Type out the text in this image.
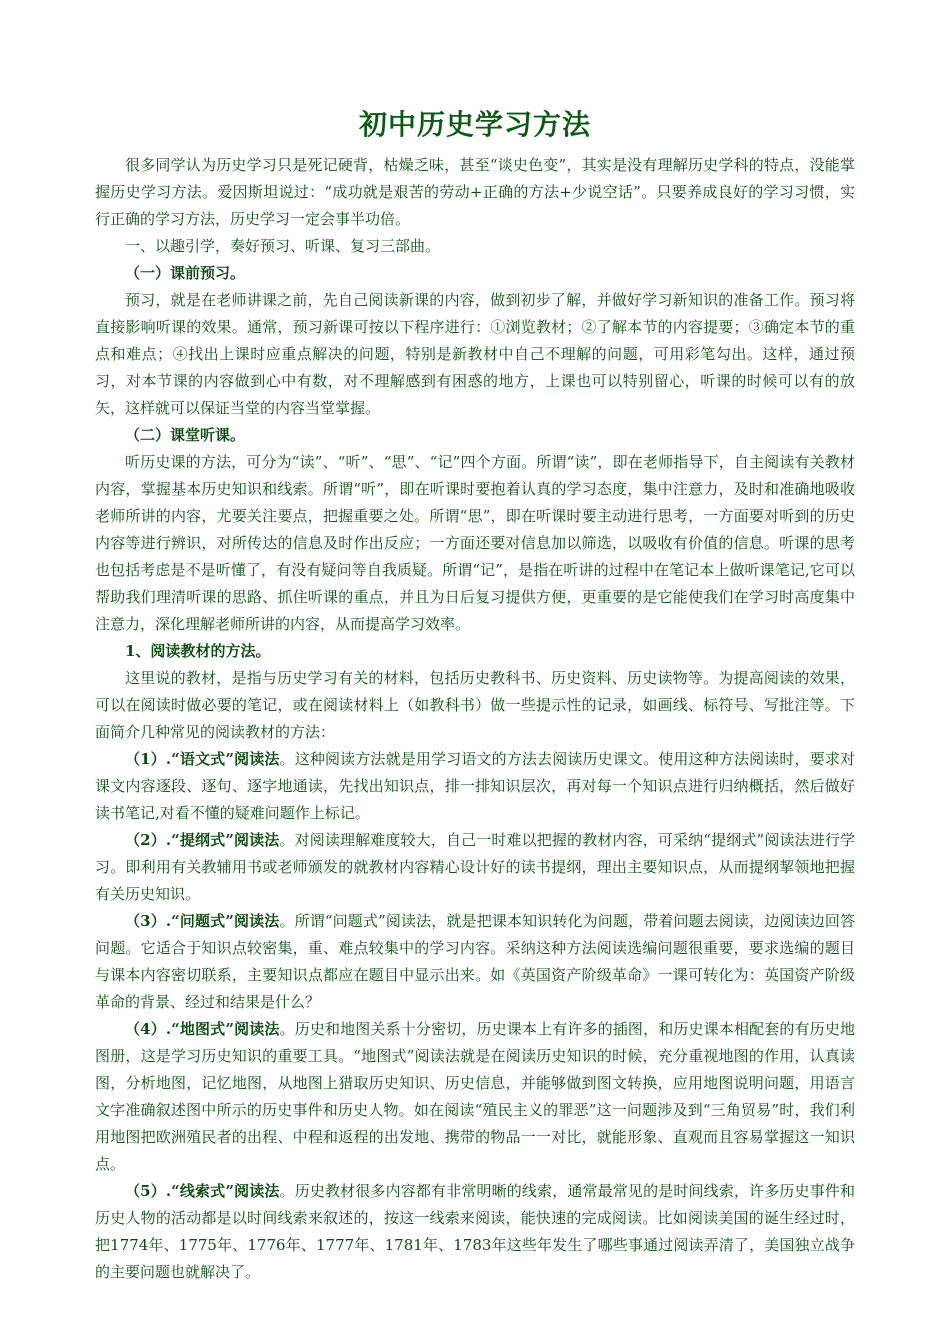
初中历史学习方法

很多同学认为历史学习只是死记硬背，枯燥乏味，甚至“谈史色变”，其实是没有理解历史学科的特点，没能掌握历史学习方法。爱因斯坦说过：“成功就是艰苦的劳动+正确的方法+少说空话”。只要养成良好的学习习惯，实行正确的学习方法，历史学习一定会事半功倍。

一、以趣引学，奏好预习、听课、复习三部曲。

（一）课前预习。

预习，就是在老师讲课之前，先自己阅读新课的内容，做到初步了解，并做好学习新知识的准备工作。预习将直接影响听课的效果。通常，预习新课可按以下程序进行：①浏览教材；②了解本节的内容提要；③确定本节的重点和难点；④找出上课时应重点解决的问题，特别是新教材中自己不理解的问题，可用彩笔勾出。这样，通过预习，对本节课的内容做到心中有数，对不理解感到有困惑的地方，上课也可以特别留心，听课的时候可以有的放矢，这样就可以保证当堂的内容当堂掌握。

（二）课堂听课。

听历史课的方法，可分为“读”、“听”、“思”、“记”四个方面。所谓“读”，即在老师指导下，自主阅读有关教材内容，掌握基本历史知识和线索。所谓“听”，即在听课时要抱着认真的学习态度，集中注意力，及时和准确地吸收老师所讲的内容，尤要关注要点，把握重要之处。所谓“思”，即在听课时要主动进行思考，一方面要对听到的历史内容等进行辨识，对所传达的信息及时作出反应；一方面还要对信息加以筛选，以吸收有价值的信息。听课的思考也包括考虑是不是听懂了，有没有疑问等自我质疑。所谓“记”，是指在听讲的过程中在笔记本上做听课笔记,它可以帮助我们理清听课的思路、抓住听课的重点，并且为日后复习提供方便，更重要的是它能使我们在学习时高度集中注意力，深化理解老师所讲的内容，从而提高学习效率。

1、阅读教材的方法。

这里说的教材，是指与历史学习有关的材料，包括历史教科书、历史资料、历史读物等。为提高阅读的效果，可以在阅读时做必要的笔记，或在阅读材料上（如教科书）做一些提示性的记录，如画线、标符号、写批注等。下面简介几种常见的阅读教材的方法：

（1）.“语文式”阅读法。这种阅读方法就是用学习语文的方法去阅读历史课文。使用这种方法阅读时，要求对课文内容逐段、逐句、逐字地通读，先找出知识点，排一排知识层次，再对每一个知识点进行归纳概括，然后做好读书笔记,对看不懂的疑难问题作上标记。

（2）.“提纲式”阅读法。对阅读理解难度较大，自己一时难以把握的教材内容，可采纳“提纲式”阅读法进行学习。即利用有关教辅用书或老师颁发的就教材内容精心设计好的读书提纲，理出主要知识点，从而提纲挈领地把握有关历史知识。

（3）.“问题式”阅读法。所谓“问题式”阅读法，就是把课本知识转化为问题，带着问题去阅读，边阅读边回答问题。它适合于知识点较密集，重、难点较集中的学习内容。采纳这种方法阅读选编问题很重要，要求选编的题目与课本内容密切联系，主要知识点都应在题目中显示出来。如《英国资产阶级革命》一课可转化为：英国资产阶级革命的背景、经过和结果是什么？

（4）.“地图式”阅读法。历史和地图关系十分密切，历史课本上有许多的插图，和历史课本相配套的有历史地图册，这是学习历史知识的重要工具。“地图式”阅读法就是在阅读历史知识的时候，充分重视地图的作用，认真读图，分析地图，记忆地图，从地图上猎取历史知识、历史信息，并能够做到图文转换，应用地图说明问题，用语言文字准确叙述图中所示的历史事件和历史人物。如在阅读“殖民主义的罪恶”这一问题涉及到“三角贸易”时，我们利用地图把欧洲殖民者的出程、中程和返程的出发地、携带的物品一一对比，就能形象、直观而且容易掌握这一知识点。

（5）.“线索式”阅读法。历史教材很多内容都有非常明晰的线索，通常最常见的是时间线索，许多历史事件和历史人物的活动都是以时间线索来叙述的，按这一线索来阅读，能快速的完成阅读。比如阅读美国的诞生经过时，把1774年、1775年、1776年、1777年、1781年、1783年这些年发生了哪些事通过阅读弄清了，美国独立战争的主要问题也就解决了。
